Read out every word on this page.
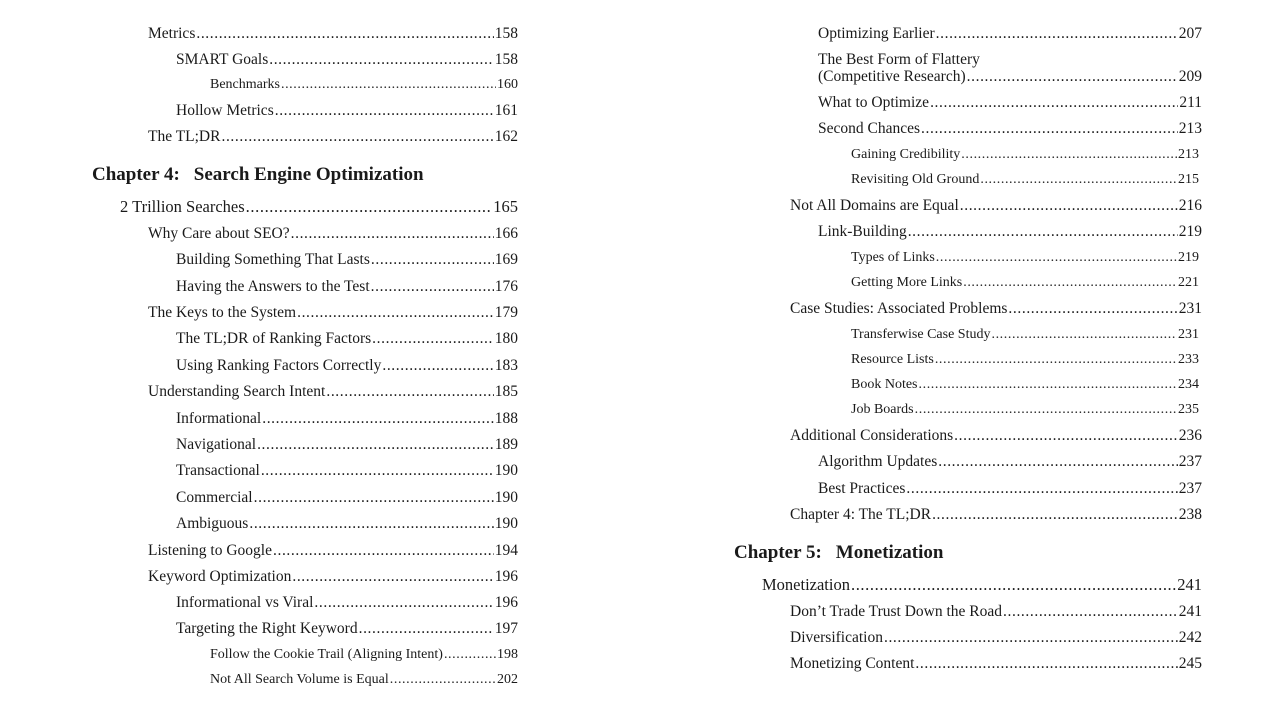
Metrics .....	158
SMART Goals .....	158
Benchmarks .....	160
Hollow Metrics .....	161
The TL;DR .....	162
Chapter 4: Search Engine Optimization
2 Trillion Searches .....	165
Why Care about SEO? .....	166
Building Something That Lasts .....	169
Having the Answers to the Test .....	176
The Keys to the System .....	179
The TL;DR of Ranking Factors .....	180
Using Ranking Factors Correctly .....	183
Understanding Search Intent .....	185
Informational .....	188
Navigational .....	189
Transactional .....	190
Commercial .....	190
Ambiguous .....	190
Listening to Google .....	194
Keyword Optimization .....	196
Informational vs Viral .....	196
Targeting the Right Keyword .....	197
Follow the Cookie Trail (Aligning Intent) .....	198
Not All Search Volume is Equal .....	202
Optimizing Earlier .....	207
The Best Form of Flattery
(Competitive Research) .....	209
What to Optimize .....	211
Second Chances .....	213
Gaining Credibility .....	213
Revisiting Old Ground .....	215
Not All Domains are Equal .....	216
Link-Building .....	219
Types of Links .....	219
Getting More Links .....	221
Case Studies: Associated Problems .....	231
Transferwise Case Study .....	231
Resource Lists .....	233
Book Notes .....	234
Job Boards .....	235
Additional Considerations .....	236
Algorithm Updates .....	237
Best Practices .....	237
Chapter 4: The TL;DR .....	238
Chapter 5: Monetization
Monetization .....	241
Don’t Trade Trust Down the Road .....	241
Diversification .....	242
Monetizing Content .....	245
